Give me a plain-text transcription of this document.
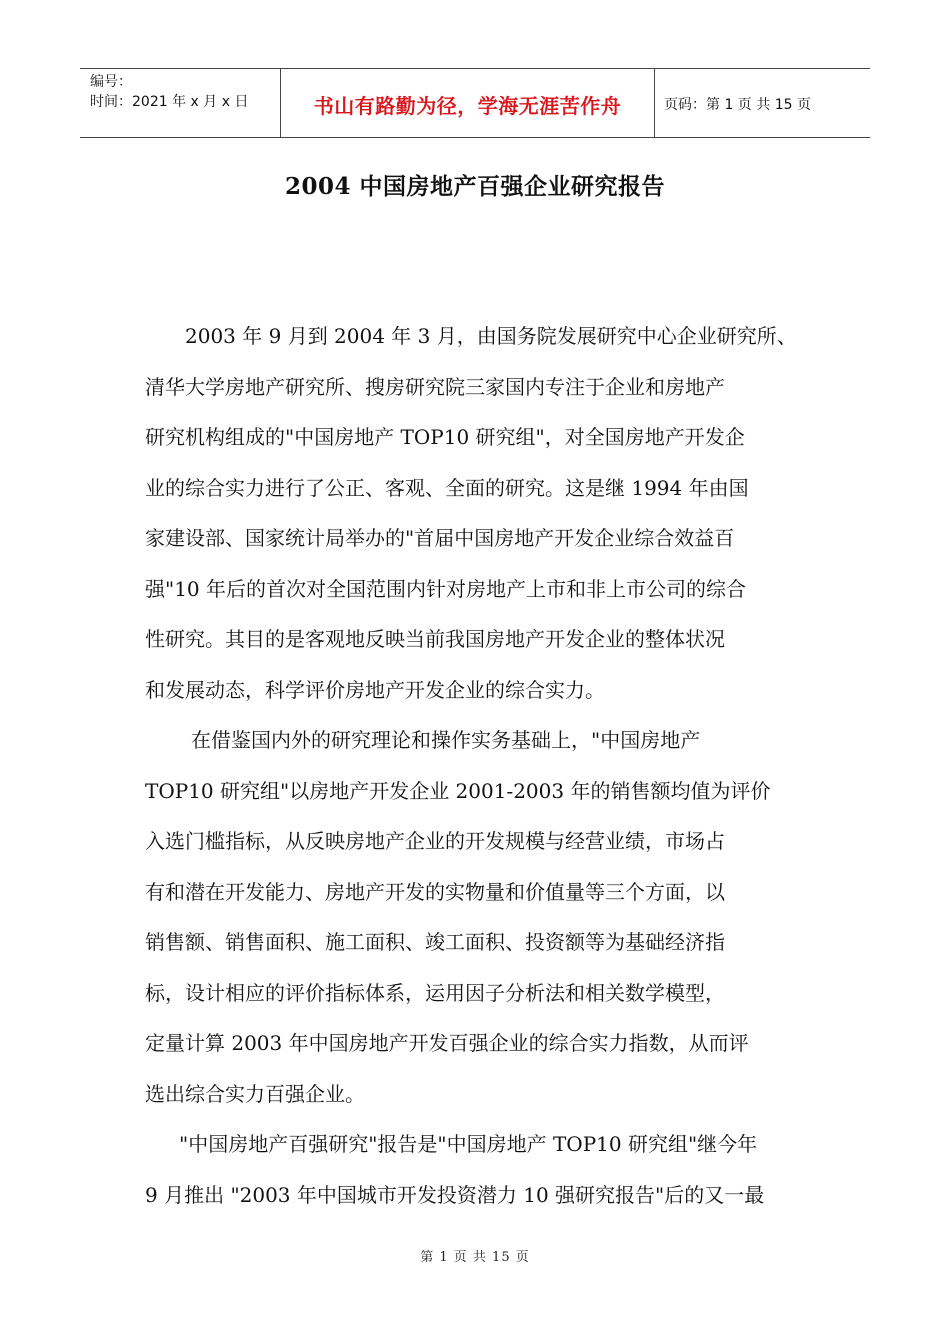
编号：
时间：2021 年 x 月 x 日	书山有路勤为径，学海无涯苦作舟	页码：第 1 页 共 15 页
2004 中国房地产百强企业研究报告
2003 年 9 月到 2004 年 3 月，由国务院发展研究中心企业研究所、
清华大学房地产研究所、搜房研究院三家国内专注于企业和房地产
研究机构组成的"中国房地产 TOP10 研究组"，对全国房地产开发企
业的综合实力进行了公正、客观、全面的研究。这是继 1994 年由国
家建设部、国家统计局举办的"首届中国房地产开发企业综合效益百
强"10 年后的首次对全国范围内针对房地产上市和非上市公司的综合
性研究。其目的是客观地反映当前我国房地产开发企业的整体状况
和发展动态，科学评价房地产开发企业的综合实力。
在借鉴国内外的研究理论和操作实务基础上，"中国房地产
TOP10 研究组"以房地产开发企业 2001-2003 年的销售额均值为评价
入选门槛指标，从反映房地产企业的开发规模与经营业绩，市场占
有和潜在开发能力、房地产开发的实物量和价值量等三个方面，以
销售额、销售面积、施工面积、竣工面积、投资额等为基础经济指
标，设计相应的评价指标体系，运用因子分析法和相关数学模型，
定量计算 2003 年中国房地产开发百强企业的综合实力指数，从而评
选出综合实力百强企业。
"中国房地产百强研究"报告是"中国房地产 TOP10 研究组"继今年
9 月推出 "2003 年中国城市开发投资潜力 10 强研究报告"后的又一最
第 1 页 共 15 页
